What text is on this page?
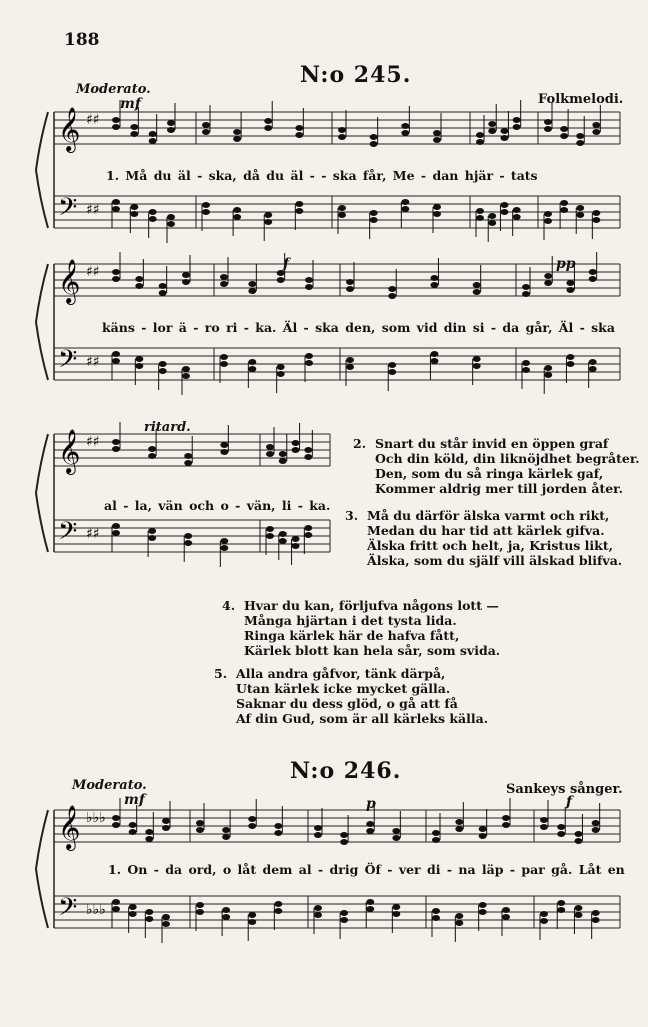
188
𝄞
𝄢
♯♯
♯♯
𝄞
𝄢
♯♯
♯♯
𝄞
𝄢
♯♯
♯♯
𝄞
𝄢
♭♭♭
♭♭♭
N:o 245.
Moderato.
mf	Folkmelodi.
1. Må du äl - ska, då du äl - - ska får, Me - dan hjär - tats
f	pp
käns - lor ä - ro ri - ka. Äl - ska den, som vid din si - da går, Äl - ska
ritard.
al - la, vän och o - vän, li - ka.
2. Snart du står invid en öppen graf
Och din köld, din liknöjdhet begråter.
Den, som du så ringa kärlek gaf,
Kommer aldrig mer till jorden åter.
3. Må du därför älska varmt och rikt,
Medan du har tid att kärlek gifva.
Älska fritt och helt, ja, Kristus likt,
Älska, som du själf vill älskad blifva.
4. Hvar du kan, förljufva någons lott —
Många hjärtan i det tysta lida.
Ringa kärlek här de hafva fått,
Kärlek blott kan hela sår, som svida.
5. Alla andra gåfvor, tänk därpå,
Utan kärlek icke mycket gälla.
Saknar du dess glöd, o gå att få
Af din Gud, som är all kärleks källa.
N:o 246.
Moderato.
mf	p	f
Sankeys sånger.
1. On - da ord, o låt dem al - drig Öf - ver di - na läp - par gå. Låt en
